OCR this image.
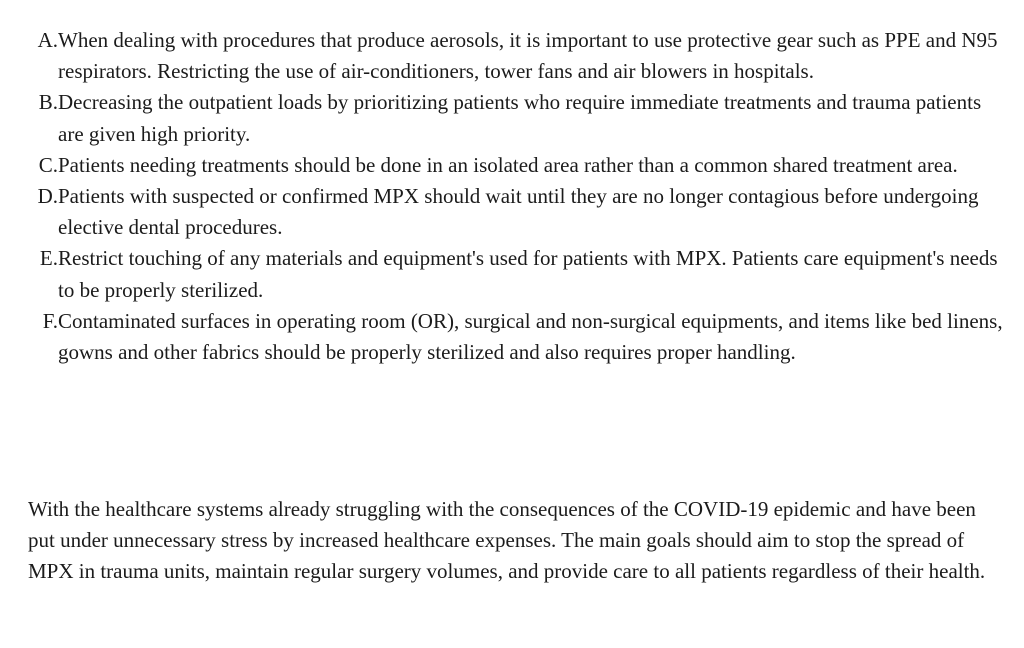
A. When dealing with procedures that produce aerosols, it is important to use protective gear such as PPE and N95 respirators. Restricting the use of air-conditioners, tower fans and air blowers in hospitals.
B. Decreasing the outpatient loads by prioritizing patients who require immediate treatments and trauma patients are given high priority.
C. Patients needing treatments should be done in an isolated area rather than a common shared treatment area.
D. Patients with suspected or confirmed MPX should wait until they are no longer contagious before undergoing elective dental procedures.
E. Restrict touching of any materials and equipment's used for patients with MPX. Patients care equipment's needs to be properly sterilized.
F. Contaminated surfaces in operating room (OR), surgical and non-surgical equipments, and items like bed linens, gowns and other fabrics should be properly sterilized and also requires proper handling.

With the healthcare systems already struggling with the consequences of the COVID-19 epidemic and have been put under unnecessary stress by increased healthcare expenses. The main goals should aim to stop the spread of MPX in trauma units, maintain regular surgery volumes, and provide care to all patients regardless of their health.
